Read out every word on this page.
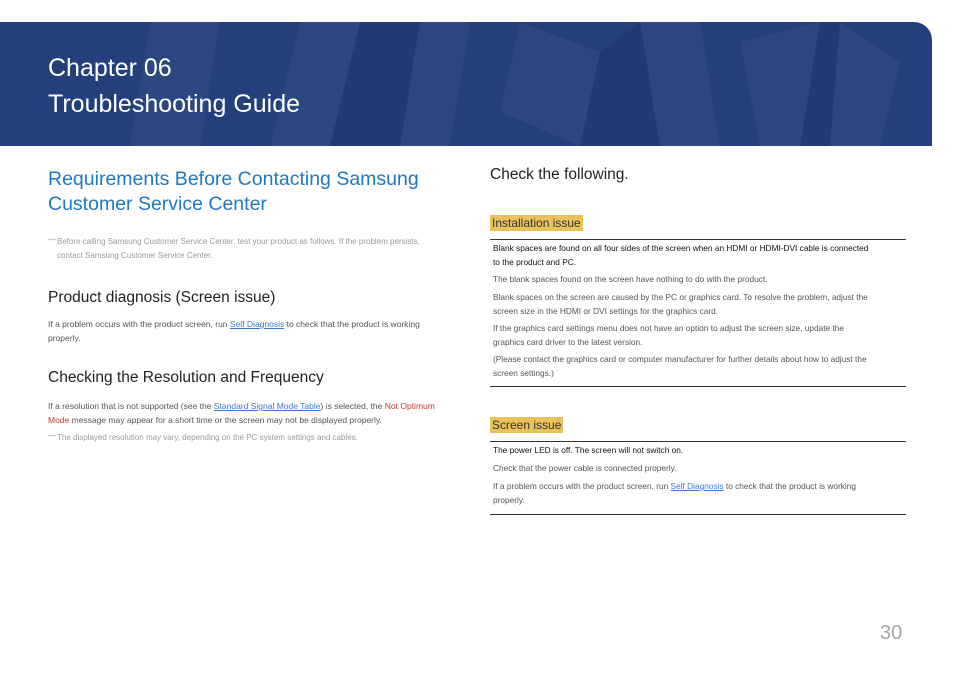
Chapter 06
Troubleshooting Guide
Requirements Before Contacting Samsung
Customer Service Center

― Before calling Samsung Customer Service Center, test your product as follows. If the problem persists,
contact Samsung Customer Service Center.

Product diagnosis (Screen issue)

If a problem occurs with the product screen, run Self Diagnosis to check that the product is working
properly.

Checking the Resolution and Frequency

If a resolution that is not supported (see the Standard Signal Mode Table) is selected, the Not Optimum
Mode message may appear for a short time or the screen may not be displayed properly.

― The displayed resolution may vary, depending on the PC system settings and cables.

Check the following.
Installation issue

Blank spaces are found on all four sides of the screen when an HDMI or HDMI-DVI cable is connected
to the product and PC.

The blank spaces found on the screen have nothing to do with the product.

Blank spaces on the screen are caused by the PC or graphics card. To resolve the problem, adjust the
screen size in the HDMI or DVI settings for the graphics card.

If the graphics card settings menu does not have an option to adjust the screen size, update the
graphics card driver to the latest version.

(Please contact the graphics card or computer manufacturer for further details about how to adjust the
screen settings.)

Screen issue

The power LED is off. The screen will not switch on.

Check that the power cable is connected properly.

If a problem occurs with the product screen, run Self Diagnosis to check that the product is working
properly.

30
